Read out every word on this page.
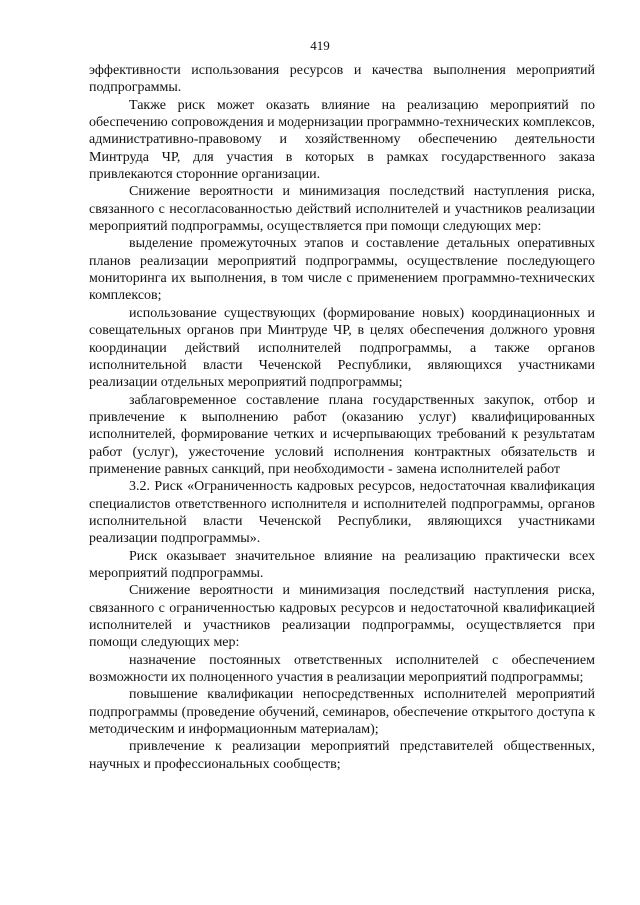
419

эффективности использования ресурсов и качества выполнения мероприятий подпрограммы.

Также риск может оказать влияние на реализацию мероприятий по обеспечению сопровождения и модернизации программно-технических комплексов, административно-правовому и хозяйственному обеспечению деятельности Минтруда ЧР, для участия в которых в рамках государственного заказа привлекаются сторонние организации.

Снижение вероятности и минимизация последствий наступления риска, связанного с несогласованностью действий исполнителей и участников реализации мероприятий подпрограммы, осуществляется при помощи следующих мер:

выделение промежуточных этапов и составление детальных оперативных планов реализации мероприятий подпрограммы, осуществление последующего мониторинга их выполнения, в том числе с применением программно-технических комплексов;

использование существующих (формирование новых) координационных и совещательных органов при Минтруде ЧР, в целях обеспечения должного уровня координации действий исполнителей подпрограммы, а также органов исполнительной власти Чеченской Республики, являющихся участниками реализации отдельных мероприятий подпрограммы;

заблаговременное составление плана государственных закупок, отбор и привлечение к выполнению работ (оказанию услуг) квалифицированных исполнителей, формирование четких и исчерпывающих требований к результатам работ (услуг), ужесточение условий исполнения контрактных обязательств и применение равных санкций, при необходимости - замена исполнителей работ

3.2. Риск «Ограниченность кадровых ресурсов, недостаточная квалификация специалистов ответственного исполнителя и исполнителей подпрограммы, органов исполнительной власти Чеченской Республики, являющихся участниками реализации подпрограммы».

Риск оказывает значительное влияние на реализацию практически всех мероприятий подпрограммы.

Снижение вероятности и минимизация последствий наступления риска, связанного с ограниченностью кадровых ресурсов и недостаточной квалификацией исполнителей и участников реализации подпрограммы, осуществляется при помощи следующих мер:

назначение постоянных ответственных исполнителей с обеспечением возможности их полноценного участия в реализации мероприятий подпрограммы;

повышение квалификации непосредственных исполнителей мероприятий подпрограммы (проведение обучений, семинаров, обеспечение открытого доступа к методическим и информационным материалам);

привлечение к реализации мероприятий представителей общественных, научных и профессиональных сообществ;
